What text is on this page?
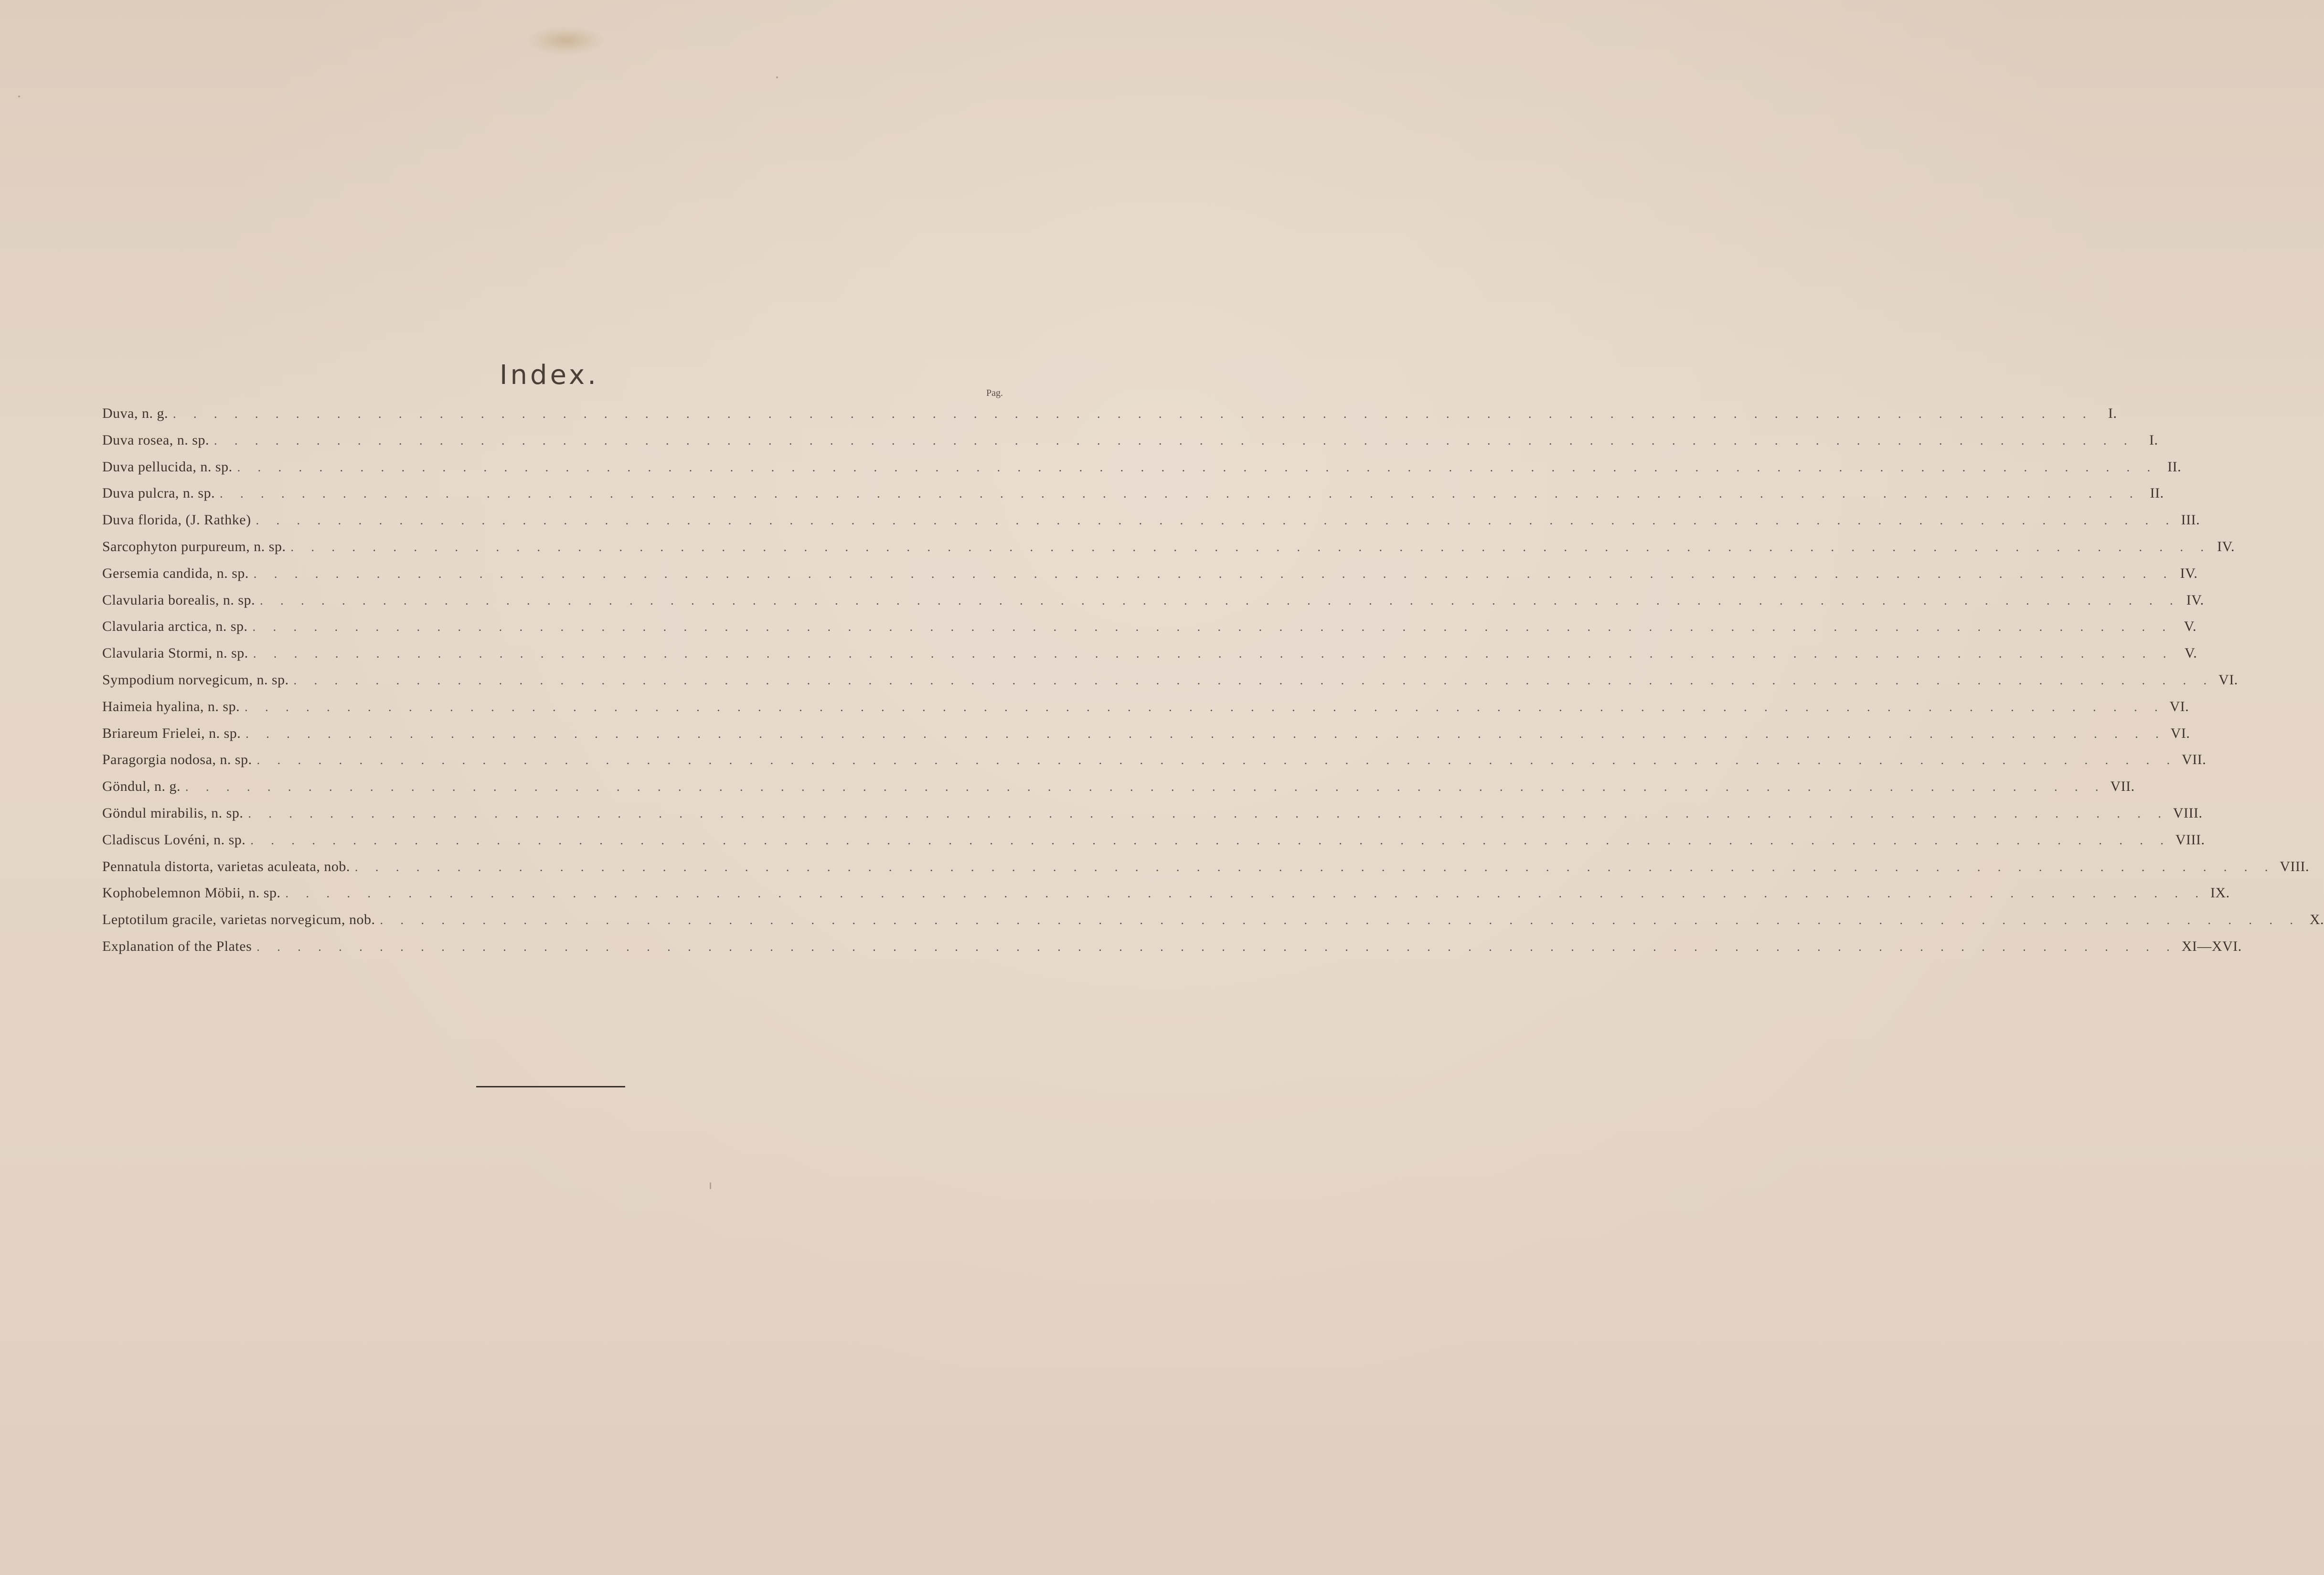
Index.
Pag.
Duva, n. g. . . . . . . . . . . . . . . . . . . . . . . . . . . . . . . . . . . . . . . . . . . . . . . . . . . . . . . . . . . . . . . . . . . . . . . . . . . . . . . . . . . . . . . . . . . . . . .	I.
Duva rosea, n. sp. . . . . . . . . . . . . . . . . . . . . . . . . . . . . . . . . . . . . . . . . . . . . . . . . . . . . . . . . . . . . . . . . . . . . . . . . . . . . . . . . . . . . . . . . . . . . . .	I.
Duva pellucida, n. sp. . . . . . . . . . . . . . . . . . . . . . . . . . . . . . . . . . . . . . . . . . . . . . . . . . . . . . . . . . . . . . . . . . . . . . . . . . . . . . . . . . . . . . . . . . . . . . . II.
Duva pulcra, n. sp. . . . . . . . . . . . . . . . . . . . . . . . . . . . . . . . . . . . . . . . . . . . . . . . . . . . . . . . . . . . . . . . . . . . . . . . . . . . . . . . . . . . . . . . . . . . . . . II.
Duva florida, (J. Rathke) . . . . . . . . . . . . . . . . . . . . . . . . . . . . . . . . . . . . . . . . . . . . . . . . . . . . . . . . . . . . . . . . . . . . . . . . . . . . . . . . . . . . . . . . . . . . . . III.
Sarcophyton purpureum, n. sp. . . . . . . . . . . . . . . . . . . . . . . . . . . . . . . . . . . . . . . . . . . . . . . . . . . . . . . . . . . . . . . . . . . . . . . . . . . . . . . . . . . . . . . . . . . . . . . IV.
Gersemia candida, n. sp. . . . . . . . . . . . . . . . . . . . . . . . . . . . . . . . . . . . . . . . . . . . . . . . . . . . . . . . . . . . . . . . . . . . . . . . . . . . . . . . . . . . . . . . . . . . . . . IV.
Clavularia borealis, n. sp. . . . . . . . . . . . . . . . . . . . . . . . . . . . . . . . . . . . . . . . . . . . . . . . . . . . . . . . . . . . . . . . . . . . . . . . . . . . . . . . . . . . . . . . . . . . . . . IV.
Clavularia arctica, n. sp. . . . . . . . . . . . . . . . . . . . . . . . . . . . . . . . . . . . . . . . . . . . . . . . . . . . . . . . . . . . . . . . . . . . . . . . . . . . . . . . . . . . . . . . . . . . . . . V.
Clavularia Stormi, n. sp. . . . . . . . . . . . . . . . . . . . . . . . . . . . . . . . . . . . . . . . . . . . . . . . . . . . . . . . . . . . . . . . . . . . . . . . . . . . . . . . . . . . . . . . . . . . . . . V.
Sympodium norvegicum, n. sp. . . . . . . . . . . . . . . . . . . . . . . . . . . . . . . . . . . . . . . . . . . . . . . . . . . . . . . . . . . . . . . . . . . . . . . . . . . . . . . . . . . . . . . . . . . . . . . VI.
Haimeia hyalina, n. sp. . . . . . . . . . . . . . . . . . . . . . . . . . . . . . . . . . . . . . . . . . . . . . . . . . . . . . . . . . . . . . . . . . . . . . . . . . . . . . . . . . . . . . . . . . . . . . . VI.
Briareum Frielei, n. sp. . . . . . . . . . . . . . . . . . . . . . . . . . . . . . . . . . . . . . . . . . . . . . . . . . . . . . . . . . . . . . . . . . . . . . . . . . . . . . . . . . . . . . . . . . . . . . . VI.
Paragorgia nodosa, n. sp. . . . . . . . . . . . . . . . . . . . . . . . . . . . . . . . . . . . . . . . . . . . . . . . . . . . . . . . . . . . . . . . . . . . . . . . . . . . . . . . . . . . . . . . . . . . . . . VII.
Göndul, n. g. . . . . . . . . . . . . . . . . . . . . . . . . . . . . . . . . . . . . . . . . . . . . . . . . . . . . . . . . . . . . . . . . . . . . . . . . . . . . . . . . . . . . . . . . . . . . . . VII.
Göndul mirabilis, n. sp. . . . . . . . . . . . . . . . . . . . . . . . . . . . . . . . . . . . . . . . . . . . . . . . . . . . . . . . . . . . . . . . . . . . . . . . . . . . . . . . . . . . . . . . . . . . . . . VIII.
Cladiscus Lovéni, n. sp. . . . . . . . . . . . . . . . . . . . . . . . . . . . . . . . . . . . . . . . . . . . . . . . . . . . . . . . . . . . . . . . . . . . . . . . . . . . . . . . . . . . . . . . . . . . . . . VIII.
Pennatula distorta, varietas aculeata, nob. . . . . . . . . . . . . . . . . . . . . . . . . . . . . . . . . . . . . . . . . . . . . . . . . . . . . . . . . . . . . . . . . . . . . . . . . . . . . . . . . . . . . . . . . . . . . . . VIII.
Kophobelemnon Möbii, n. sp. . . . . . . . . . . . . . . . . . . . . . . . . . . . . . . . . . . . . . . . . . . . . . . . . . . . . . . . . . . . . . . . . . . . . . . . . . . . . . . . . . . . . . . . . . . . . . . IX.
Leptotilum gracile, varietas norvegicum, nob. . . . . . . . . . . . . . . . . . . . . . . . . . . . . . . . . . . . . . . . . . . . . . . . . . . . . . . . . . . . . . . . . . . . . . . . . . . . . . . . . . . . . . . . . . . . . . . X.
Explanation of the Plates . . . . . . . . . . . . . . . . . . . . . . . . . . . . . . . . . . . . . . . . . . . . . . . . . . . . . . . . . . . . . . . . . . . . . . . . . . . . . . . . . . . . . . . . . . . . . . XI—XVI.
